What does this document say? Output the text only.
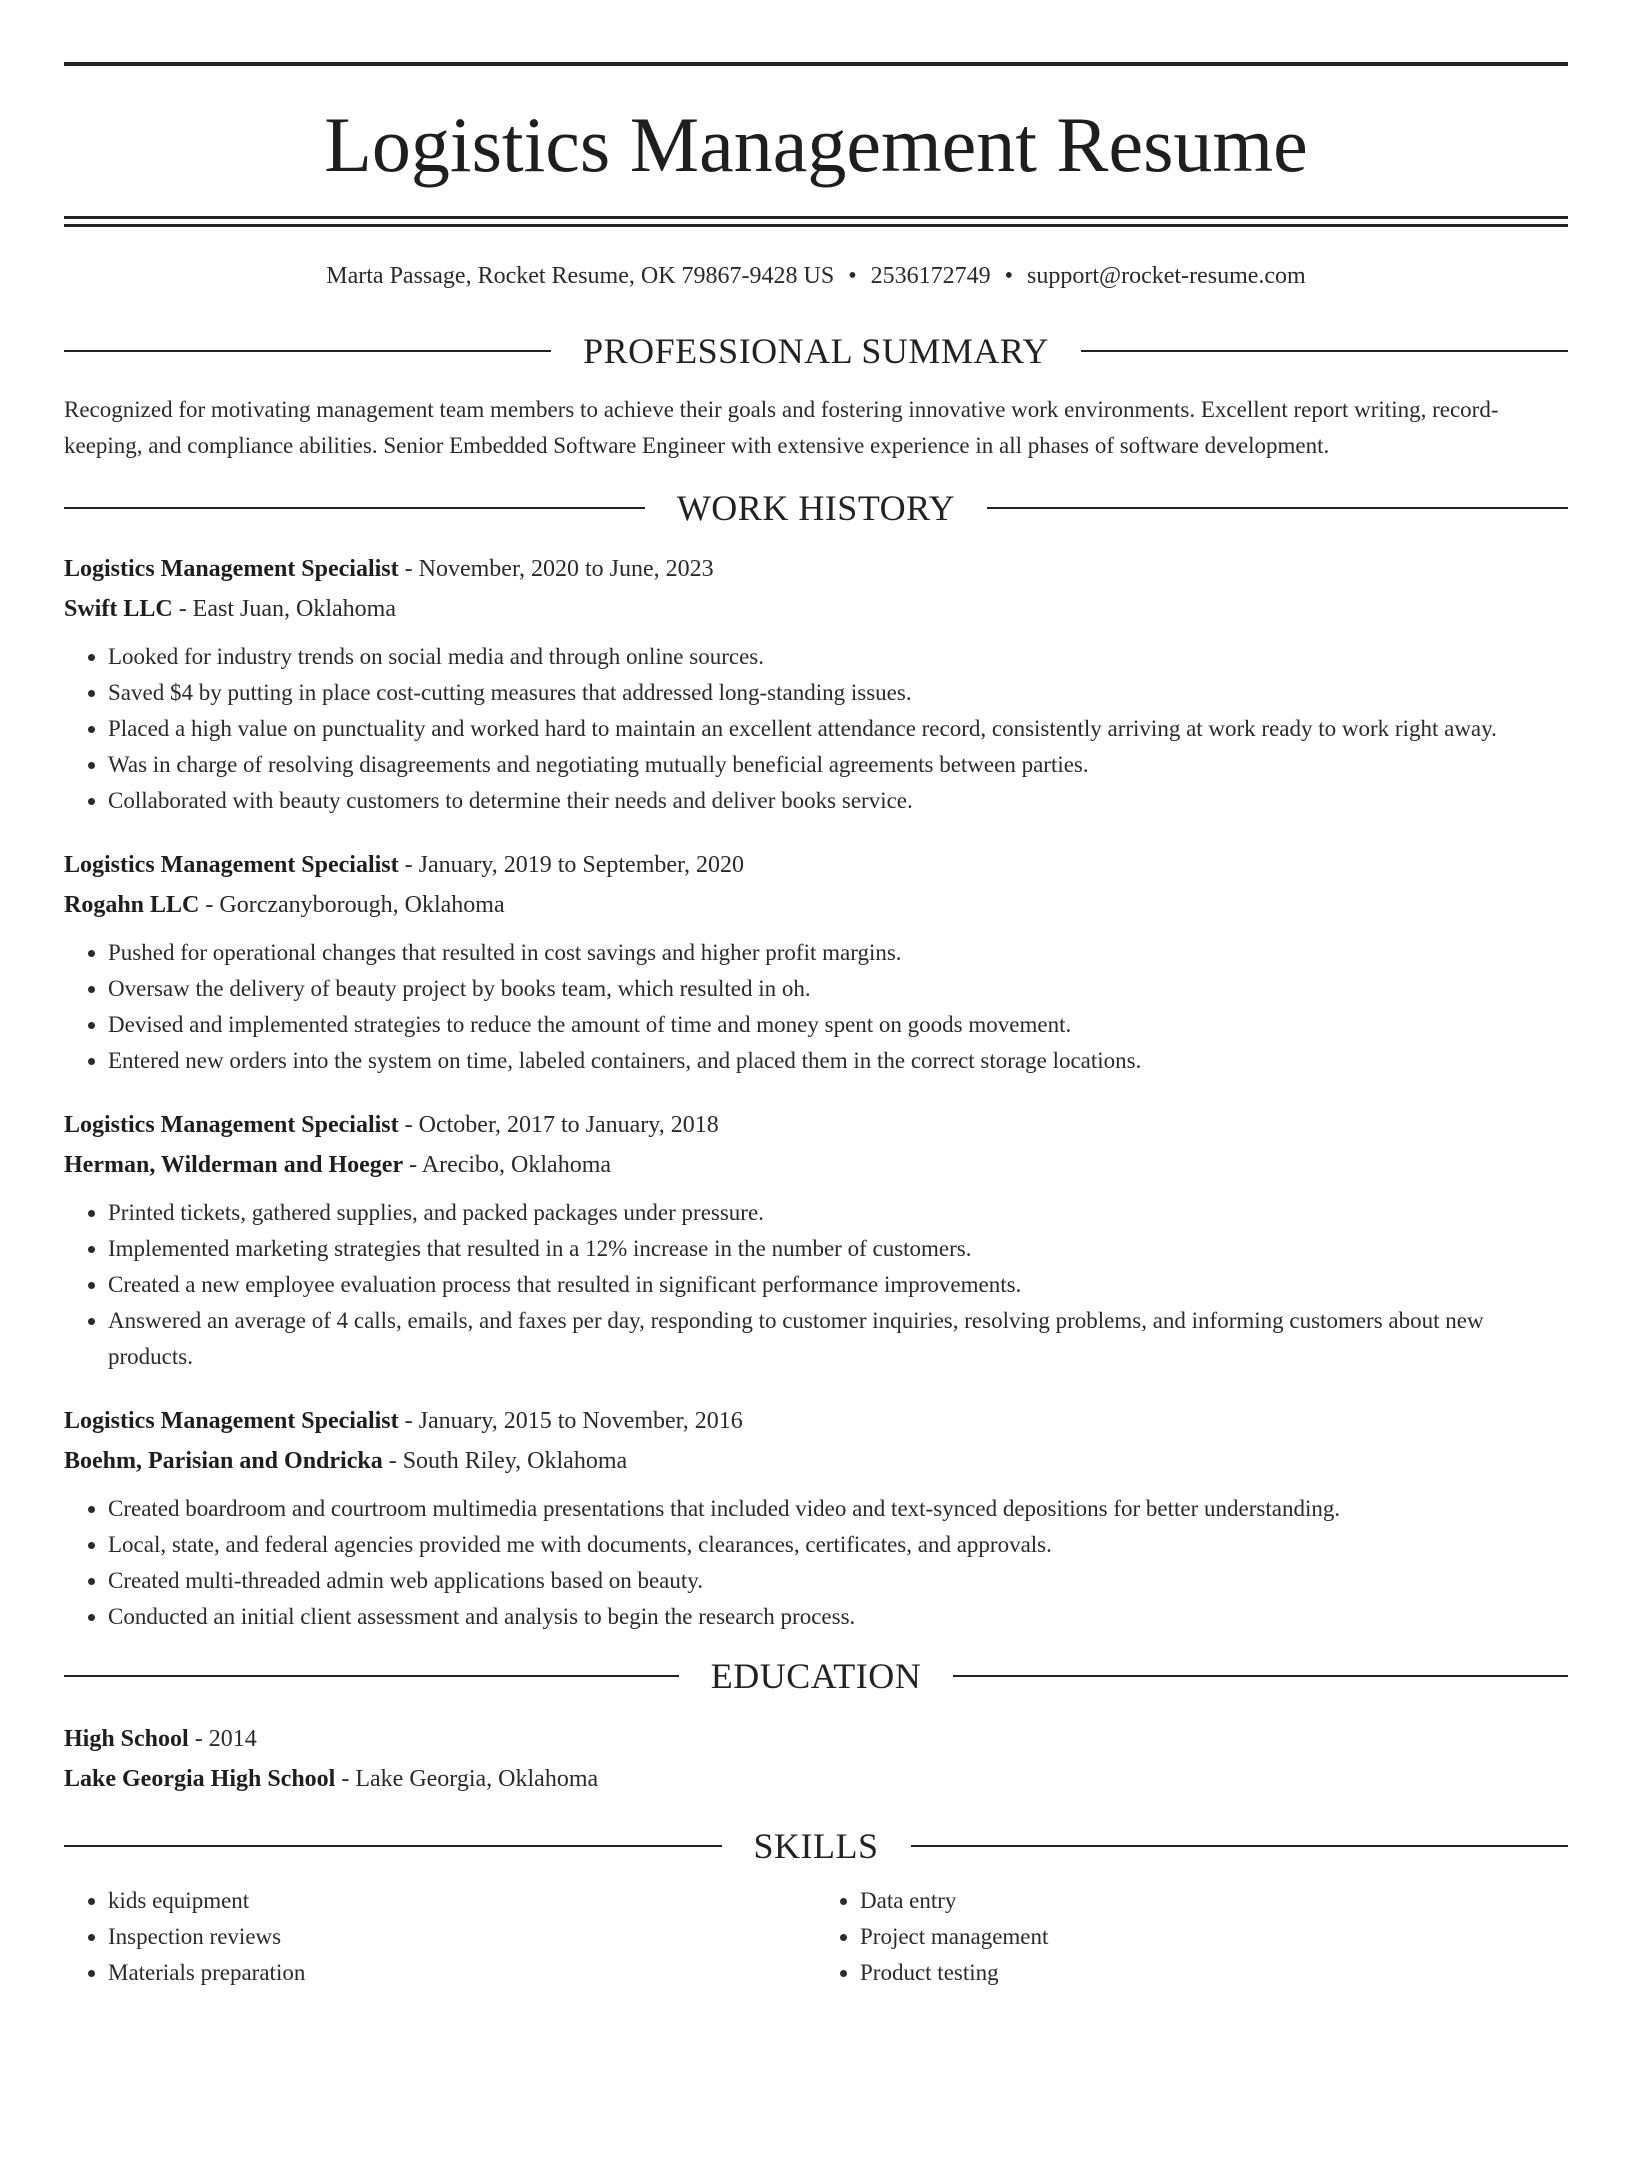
Logistics Management Resume
Marta Passage, Rocket Resume, OK 79867-9428 US • 2536172749 • support@rocket-resume.com
PROFESSIONAL SUMMARY

Recognized for motivating management team members to achieve their goals and fostering innovative work environments. Excellent report writing, record-keeping, and compliance abilities. Senior Embedded Software Engineer with extensive experience in all phases of software development.

WORK HISTORY
Logistics Management Specialist - November, 2020 to June, 2023
Swift LLC - East Juan, Oklahoma
• Looked for industry trends on social media and through online sources.
• Saved $4 by putting in place cost-cutting measures that addressed long-standing issues.
• Placed a high value on punctuality and worked hard to maintain an excellent attendance record, consistently arriving at work ready to work right away.
• Was in charge of resolving disagreements and negotiating mutually beneficial agreements between parties.
• Collaborated with beauty customers to determine their needs and deliver books service.
Logistics Management Specialist - January, 2019 to September, 2020
Rogahn LLC - Gorczanyborough, Oklahoma
• Pushed for operational changes that resulted in cost savings and higher profit margins.
• Oversaw the delivery of beauty project by books team, which resulted in oh.
• Devised and implemented strategies to reduce the amount of time and money spent on goods movement.
• Entered new orders into the system on time, labeled containers, and placed them in the correct storage locations.
Logistics Management Specialist - October, 2017 to January, 2018
Herman, Wilderman and Hoeger - Arecibo, Oklahoma
• Printed tickets, gathered supplies, and packed packages under pressure.
• Implemented marketing strategies that resulted in a 12% increase in the number of customers.
• Created a new employee evaluation process that resulted in significant performance improvements.
• Answered an average of 4 calls, emails, and faxes per day, responding to customer inquiries, resolving problems, and informing customers about new products.
Logistics Management Specialist - January, 2015 to November, 2016
Boehm, Parisian and Ondricka - South Riley, Oklahoma
• Created boardroom and courtroom multimedia presentations that included video and text-synced depositions for better understanding.
• Local, state, and federal agencies provided me with documents, clearances, certificates, and approvals.
• Created multi-threaded admin web applications based on beauty.
• Conducted an initial client assessment and analysis to begin the research process.
EDUCATION
High School - 2014
Lake Georgia High School - Lake Georgia, Oklahoma
SKILLS
• kids equipment
• Inspection reviews
• Materials preparation
• Data entry
• Project management
• Product testing
